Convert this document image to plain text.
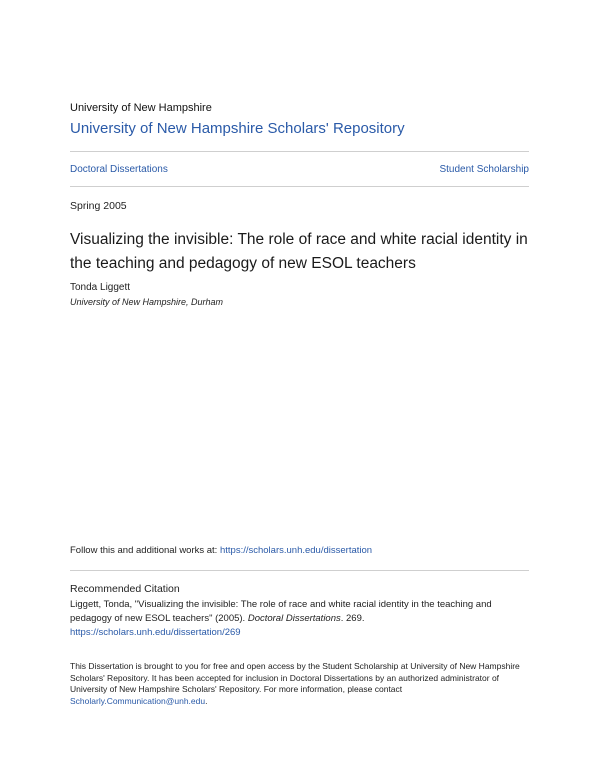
University of New Hampshire
University of New Hampshire Scholars' Repository
Doctoral Dissertations	Student Scholarship
Spring 2005
Visualizing the invisible: The role of race and white racial identity in the teaching and pedagogy of new ESOL teachers
Tonda Liggett
University of New Hampshire, Durham
Follow this and additional works at: https://scholars.unh.edu/dissertation
Recommended Citation
Liggett, Tonda, "Visualizing the invisible: The role of race and white racial identity in the teaching and pedagogy of new ESOL teachers" (2005). Doctoral Dissertations. 269.
https://scholars.unh.edu/dissertation/269
This Dissertation is brought to you for free and open access by the Student Scholarship at University of New Hampshire Scholars' Repository. It has been accepted for inclusion in Doctoral Dissertations by an authorized administrator of University of New Hampshire Scholars' Repository. For more information, please contact Scholarly.Communication@unh.edu.
